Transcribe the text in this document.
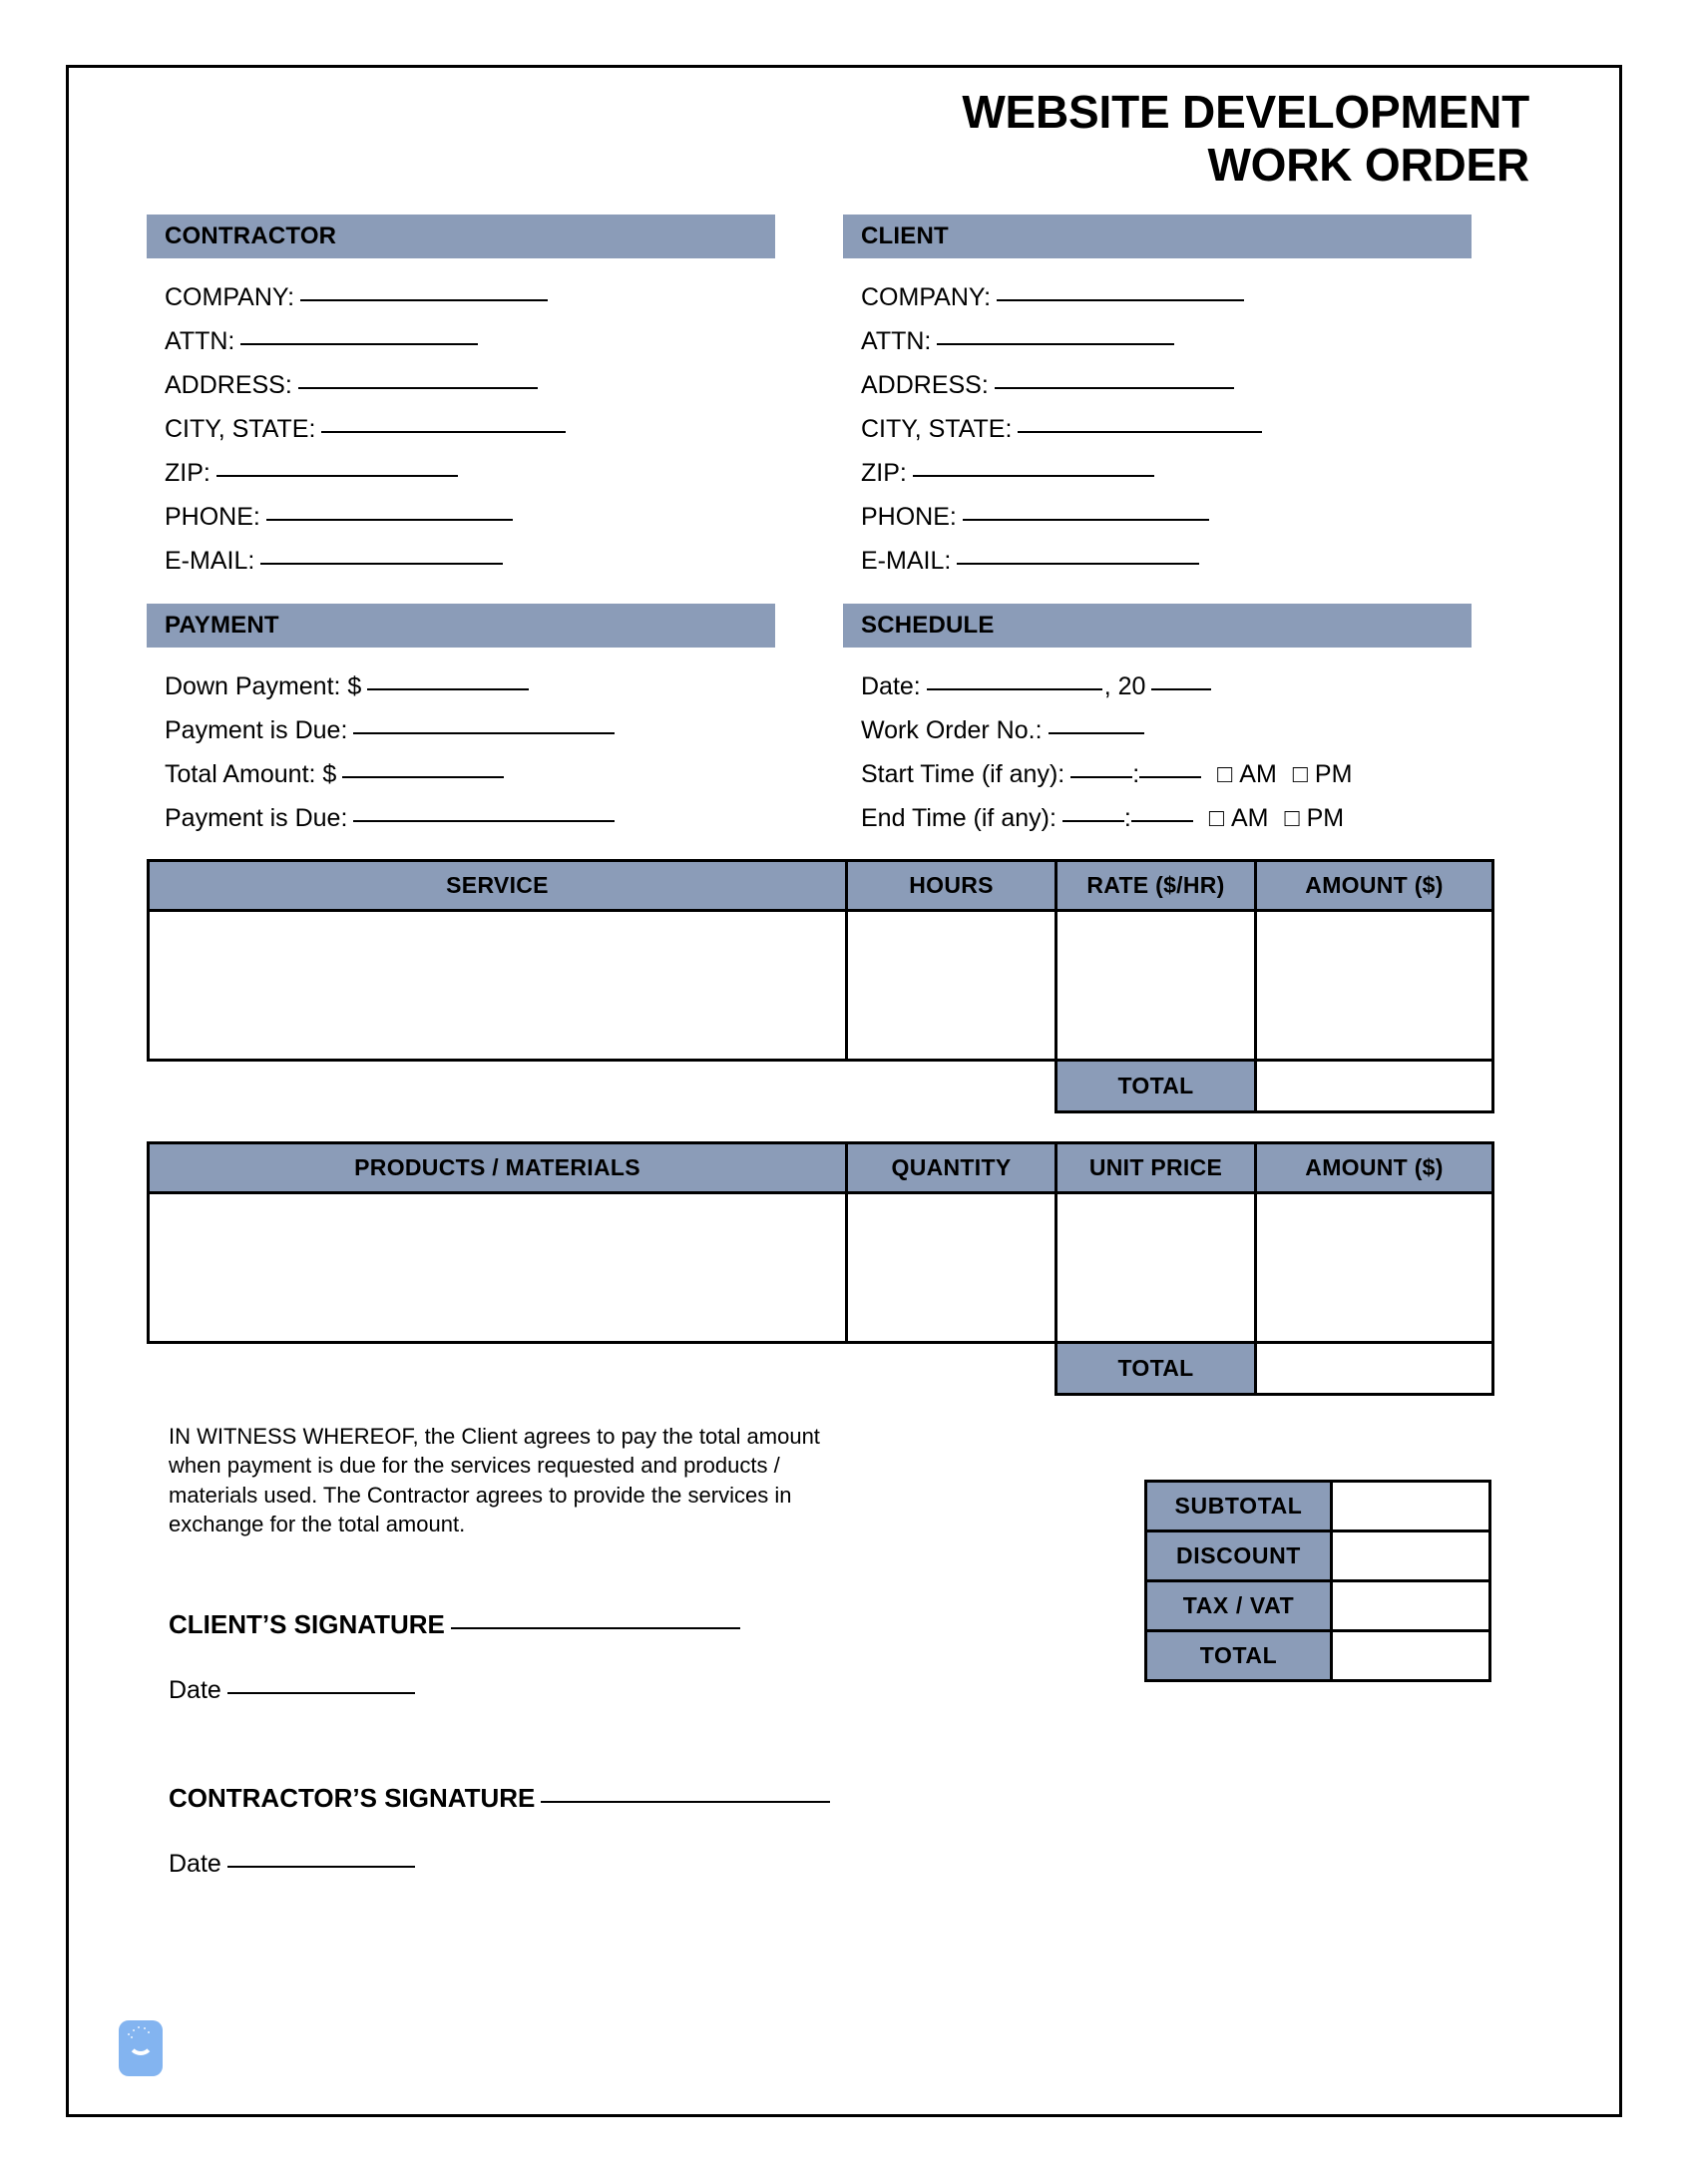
WEBSITE DEVELOPMENT
WORK ORDER
CONTRACTOR
COMPANY:
ATTN:
ADDRESS:
CITY, STATE:
ZIP:
PHONE:
E-MAIL:
CLIENT
COMPANY:
ATTN:
ADDRESS:
CITY, STATE:
ZIP:
PHONE:
E-MAIL:
PAYMENT
Down Payment: $
Payment is Due:
Total Amount: $
Payment is Due:
SCHEDULE
Date:	, 20
Work Order No.:
Start Time (if any):	:	□ AM □ PM
End Time (if any):	:	□ AM □ PM
SERVICE	HOURS	RATE ($/HR)	AMOUNT ($)

		TOTAL	
PRODUCTS / MATERIALS	QUANTITY	UNIT PRICE	AMOUNT ($)

		TOTAL	
IN WITNESS WHEREOF, the Client agrees to pay the total amount when payment is due for the services requested and products / materials used. The Contractor agrees to provide the services in exchange for the total amount.
CLIENT’S SIGNATURE
Date
CONTRACTOR’S SIGNATURE
Date
SUBTOTAL	
DISCOUNT	
TAX / VAT	
TOTAL	
